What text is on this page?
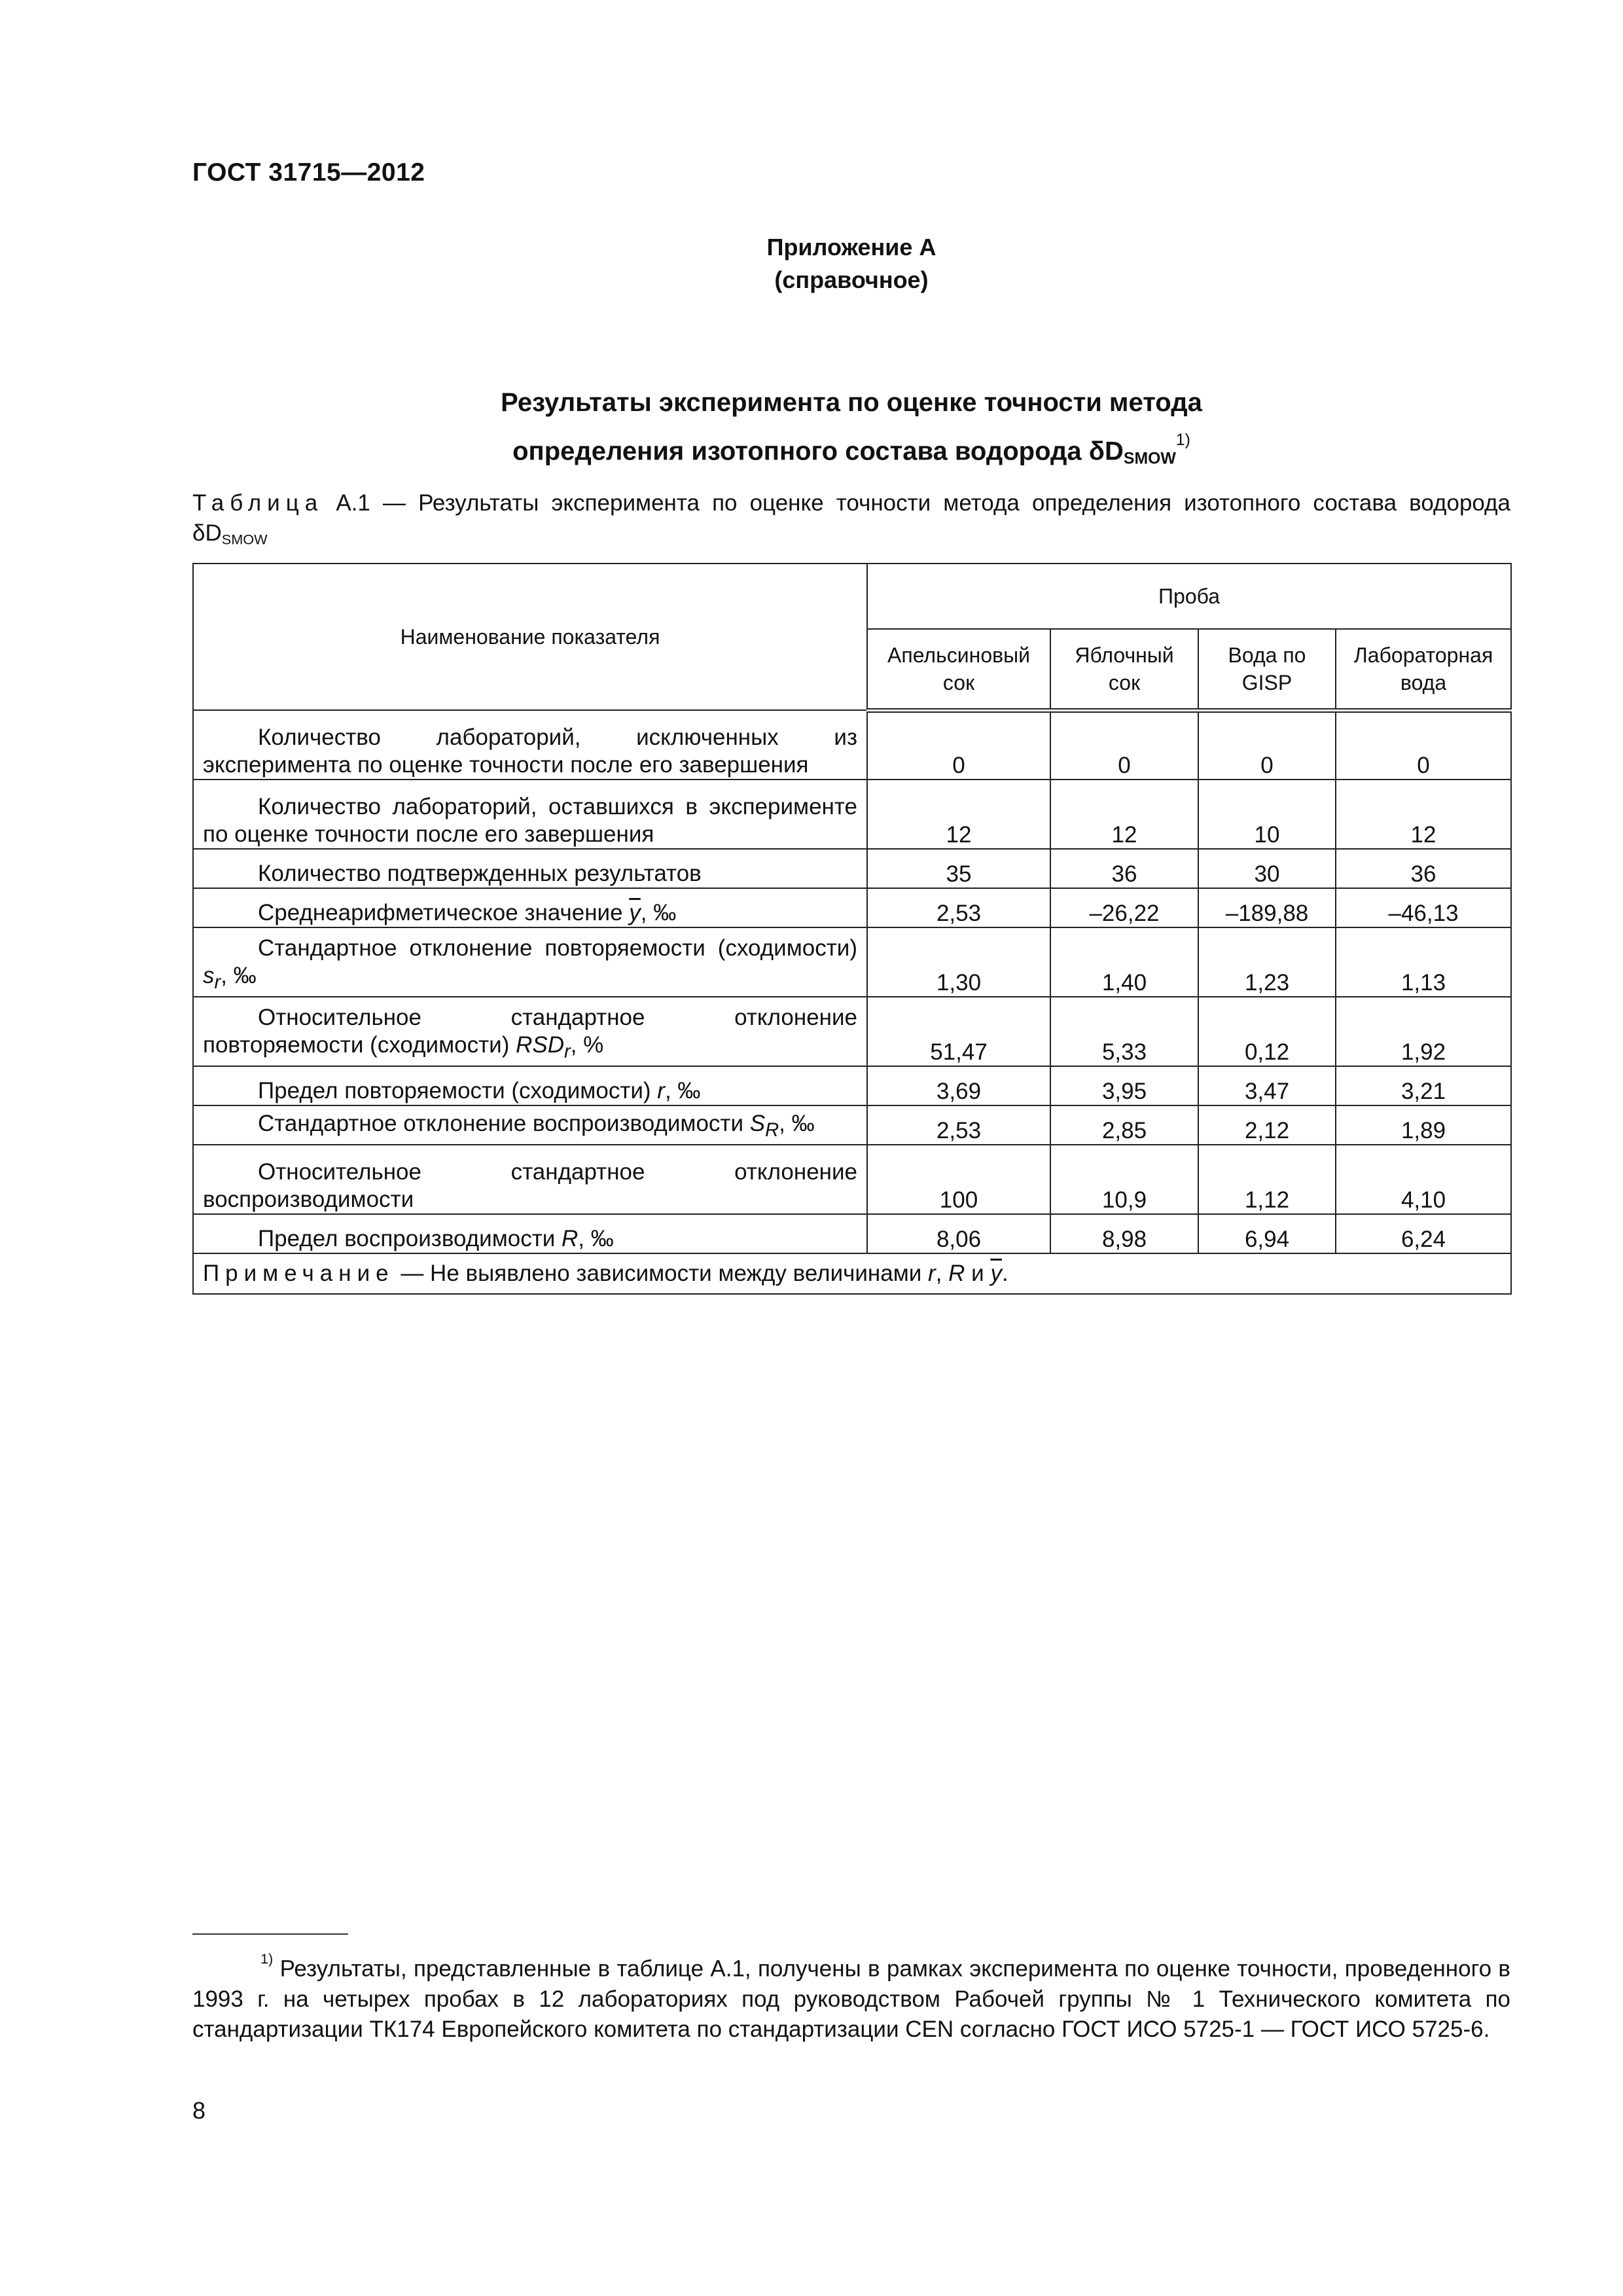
ГОСТ 31715—2012
Приложение А
(справочное)
Результаты эксперимента по оценке точности метода
определения изотопного состава водорода $\delta D_{SMOW}^{1)}$
Таблица А.1 — Результаты эксперимента по оценке точности метода определения изотопного состава водорода $\delta D_{SMOW}$
Наименование показателя	Проба			
	Апельсиновый сок	Яблочный сок	Вода по GISP	Лабораторная вода
Количество лабораторий, исключенных из эксперимента по оценке точности после его завершения	0	0	0	0
Количество лабораторий, оставшихся в эксперименте по оценке точности после его завершения	12	12	10	12
Количество подтвержденных результатов	35	36	30	36
Среднеарифметическое значение $\overline{y}$, ‰	2,53	–26,22	–189,88	–46,13
Стандартное отклонение повторяемости (сходимости) $s_r$, ‰	1,30	1,40	1,23	1,13
Относительное стандартное отклонение повторяемости (сходимости) $RSD_r$, %	51,47	5,33	0,12	1,92
Предел повторяемости (сходимости) r, ‰	3,69	3,95	3,47	3,21
Стандартное отклонение воспроизводимости $S_R$, ‰	2,53	2,85	2,12	1,89
Относительное стандартное отклонение воспроизводимости	100	10,9	1,12	4,10
Предел воспроизводимости R, ‰	8,06	8,98	6,94	6,24
Примечание — Не выявлено зависимости между величинами r, R и $\overline{y}$.				
$^{1)}$ Результаты, представленные в таблице А.1, получены в рамках эксперимента по оценке точности, проведенного в 1993 г. на четырех пробах в 12 лабораториях под руководством Рабочей группы № 1 Технического комитета по стандартизации ТК174 Европейского комитета по стандартизации CEN согласно ГОСТ ИСО 5725-1 — ГОСТ ИСО 5725-6.
8
